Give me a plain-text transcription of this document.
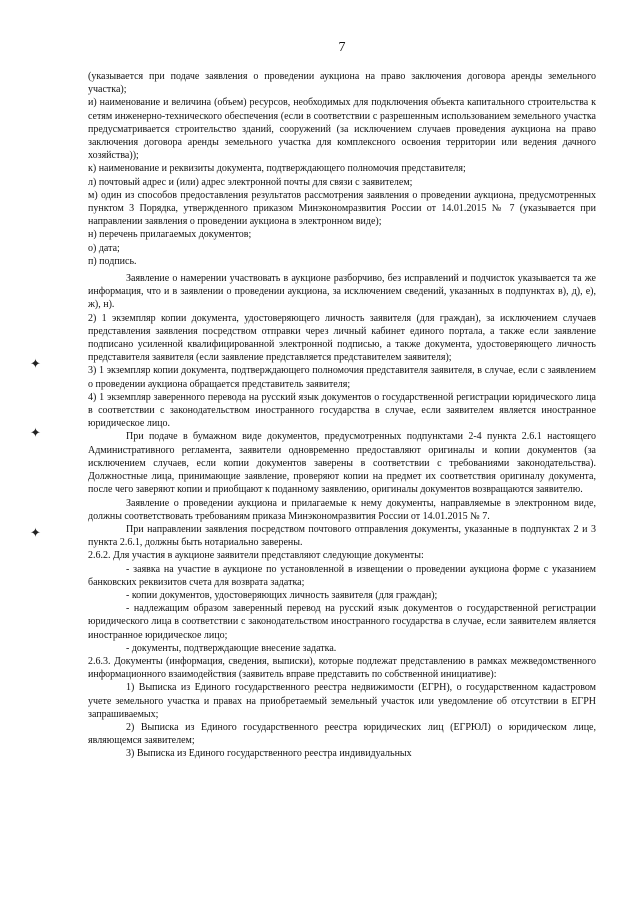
✦
✦
✦
7

(указывается при подаче заявления о проведении аукциона на право заключения договора аренды земельного участка);

и) наименование и величина (объем) ресурсов, необходимых для подключения объекта капитального строительства к сетям инженерно-технического обеспечения (если в соответствии с разрешенным использованием земельного участка предусматривается строительство зданий, сооружений (за исключением случаев проведения аукциона на право заключения договора аренды земельного участка для комплексного освоения территории или ведения дачного хозяйства));

к) наименование и реквизиты документа, подтверждающего полномочия представителя;

л) почтовый адрес и (или) адрес электронной почты для связи с заявителем;

м) один из способов предоставления результатов рассмотрения заявления о проведении аукциона, предусмотренных пунктом 3 Порядка, утвержденного приказом Минэкономразвития России от 14.01.2015 № 7 (указывается при направлении заявления о проведении аукциона в электронном виде);

н) перечень прилагаемых документов;

о) дата;

п) подпись.

Заявление о намерении участвовать в аукционе разборчиво, без исправлений и подчисток указывается та же информация, что и в заявлении о проведении аукциона, за исключением сведений, указанных в подпунктах в), д), е), ж), н).

2) 1 экземпляр копии документа, удостоверяющего личность заявителя (для граждан), за исключением случаев представления заявления посредством отправки через личный кабинет единого портала, а также если заявление подписано усиленной квалифицированной электронной подписью, а также документа, удостоверяющего личность представителя заявителя (если заявление представляется представителем заявителя);

3) 1 экземпляр копии документа, подтверждающего полномочия представителя заявителя, в случае, если с заявлением о проведении аукциона обращается представитель заявителя;

4) 1 экземпляр заверенного перевода на русский язык документов о государственной регистрации юридического лица в соответствии с законодательством иностранного государства в случае, если заявителем является иностранное юридическое лицо.

При подаче в бумажном виде документов, предусмотренных подпунктами 2-4 пункта 2.6.1 настоящего Административного регламента, заявители одновременно предоставляют оригиналы и копии документов (за исключением случаев, если копии документов заверены в соответствии с требованиями законодательства). Должностные лица, принимающие заявление, проверяют копии на предмет их соответствия оригиналу документа, после чего заверяют копии и приобщают к поданному заявлению, оригиналы документов возвращаются заявителю.

Заявление о проведении аукциона и прилагаемые к нему документы, направляемые в электронном виде, должны соответствовать требованиям приказа Минэкономразвития России от 14.01.2015 № 7.

При направлении заявления посредством почтового отправления документы, указанные в подпунктах 2 и 3 пункта 2.6.1, должны быть нотариально заверены.

2.6.2. Для участия в аукционе заявители представляют следующие документы:

- заявка на участие в аукционе по установленной в извещении о проведении аукциона форме с указанием банковских реквизитов счета для возврата задатка;

- копии документов, удостоверяющих личность заявителя (для граждан);

- надлежащим образом заверенный перевод на русский язык документов о государственной регистрации юридического лица в соответствии с законодательством иностранного государства в случае, если заявителем является иностранное юридическое лицо;

- документы, подтверждающие внесение задатка.

2.6.3. Документы (информация, сведения, выписки), которые подлежат представлению в рамках межведомственного информационного взаимодействия (заявитель вправе представить по собственной инициативе):

1) Выписка из Единого государственного реестра недвижимости (ЕГРН), о государственном кадастровом учете земельного участка и правах на приобретаемый земельный участок или уведомление об отсутствии в ЕГРН запрашиваемых;

2) Выписка из Единого государственного реестра юридических лиц (ЕГРЮЛ) о юридическом лице, являющемся заявителем;

3) Выписка из Единого государственного реестра индивидуальных
